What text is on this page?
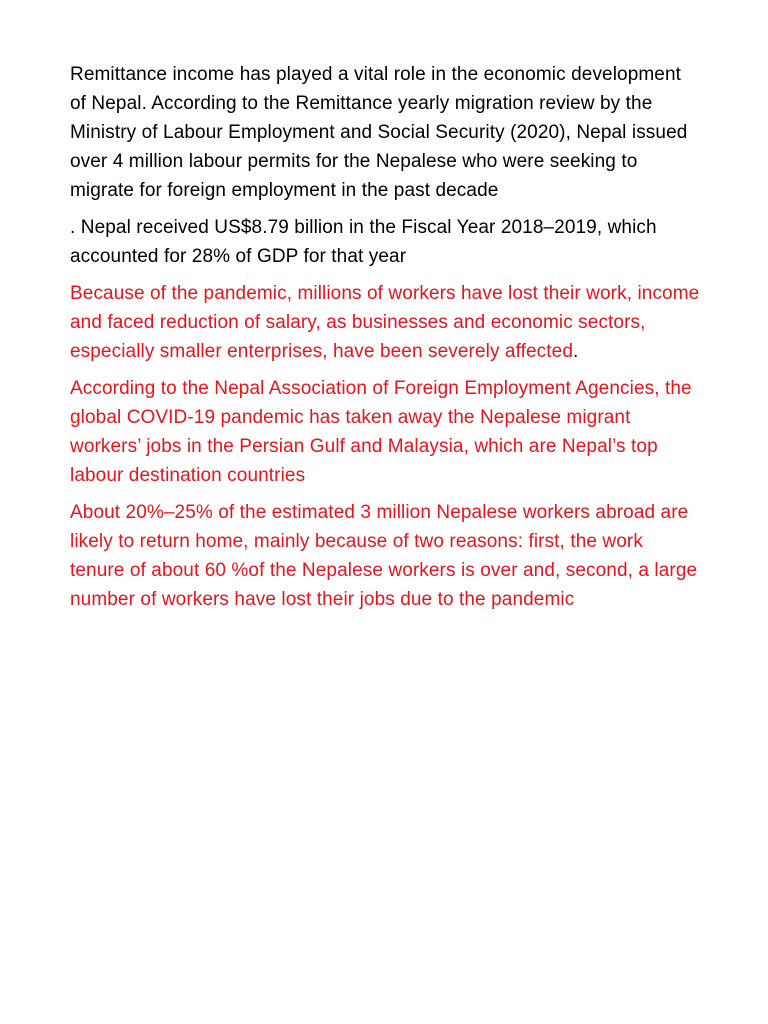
Remittance income has played a vital role in the economic development of Nepal. According to the Remittance yearly migration review by the Ministry of Labour Employment and Social Security (2020), Nepal issued over 4 million labour permits for the Nepalese who were seeking to migrate for foreign employment in the past decade

. Nepal received US$8.79 billion in the Fiscal Year 2018–2019, which accounted for 28% of GDP for that year

Because of the pandemic, millions of workers have lost their work, income and faced reduction of salary, as businesses and economic sectors, especially smaller enterprises, have been severely affected.

According to the Nepal Association of Foreign Employment Agencies, the global COVID-19 pandemic has taken away the Nepalese migrant workers’ jobs in the Persian Gulf and Malaysia, which are Nepal’s top labour destination countries

About 20%–25% of the estimated 3 million Nepalese workers abroad are likely to return home, mainly because of two reasons: first, the work tenure of about 60 %of the Nepalese workers is over and, second, a large number of workers have lost their jobs due to the pandemic
